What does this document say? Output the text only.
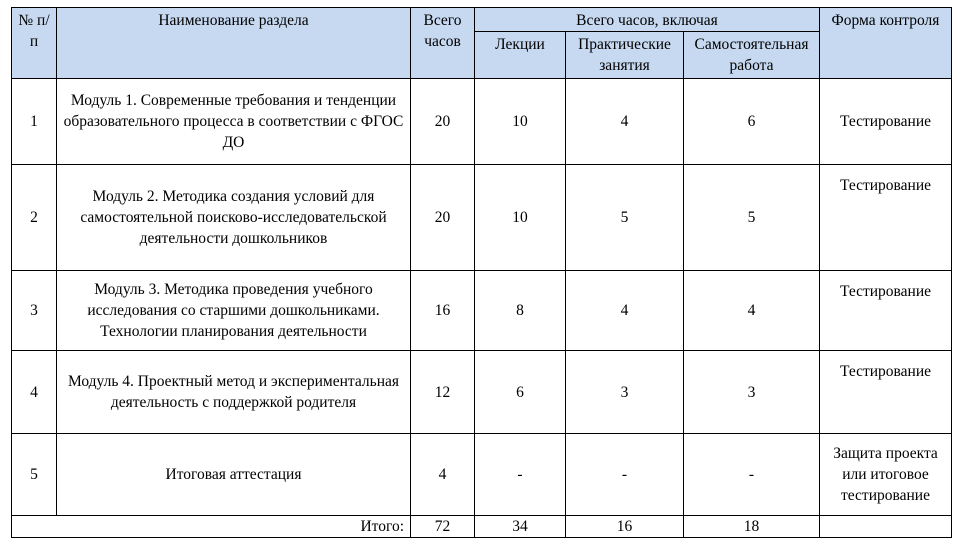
№ п/п	Наименование раздела	Всего часов	Всего часов, включая			Форма контроля
			Лекции	Практические занятия	Самостоятельная работа	
1	Модуль 1. Современные требования и тенденции образовательного процесса в соответствии с ФГОС ДО	20	10	4	6	Тестирование
2	Модуль 2. Методика создания условий для самостоятельной поисково-исследовательской деятельности дошкольников	20	10	5	5	Тестирование
3	Модуль 3. Методика проведения учебного исследования со старшими дошкольниками. Технологии планирования деятельности	16	8	4	4	Тестирование
4	Модуль 4. Проектный метод и экспериментальная деятельность с поддержкой родителя	12	6	3	3	Тестирование
5	Итоговая аттестация	4	-	-	-	Защита проекта или итоговое тестирование
Итого:		72	34	16	18	
